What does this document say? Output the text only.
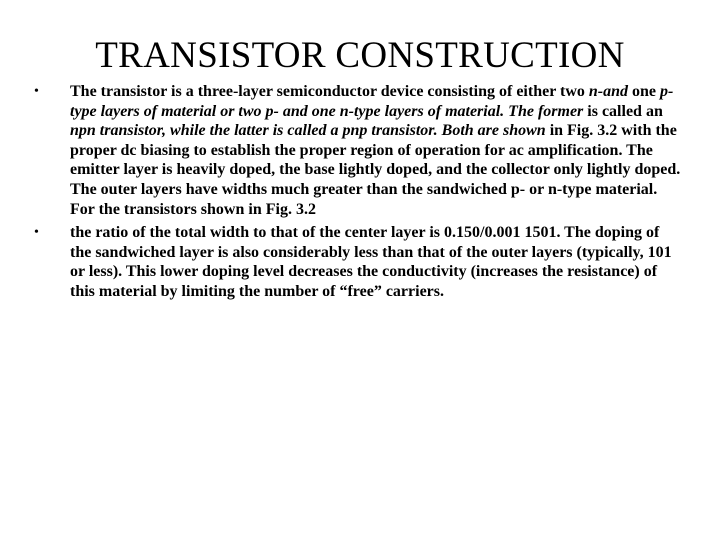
TRANSISTOR CONSTRUCTION
• The transistor is a three-layer semiconductor device consisting of either two n-and one p-type layers of material or two p- and one n-type layers of material. The former is called an npn transistor, while the latter is called a pnp transistor. Both are shown in Fig. 3.2 with the proper dc biasing to establish the proper region of operation for ac amplification. The emitter layer is heavily doped, the base lightly doped, and the collector only lightly doped. The outer layers have widths much greater than the sandwiched p- or n-type material. For the transistors shown in Fig. 3.2
• the ratio of the total width to that of the center layer is 0.150/0.001 1501. The doping of the sandwiched layer is also considerably less than that of the outer layers (typically, 101 or less). This lower doping level decreases the conductivity (increases the resistance) of this material by limiting the number of “free” carriers.
